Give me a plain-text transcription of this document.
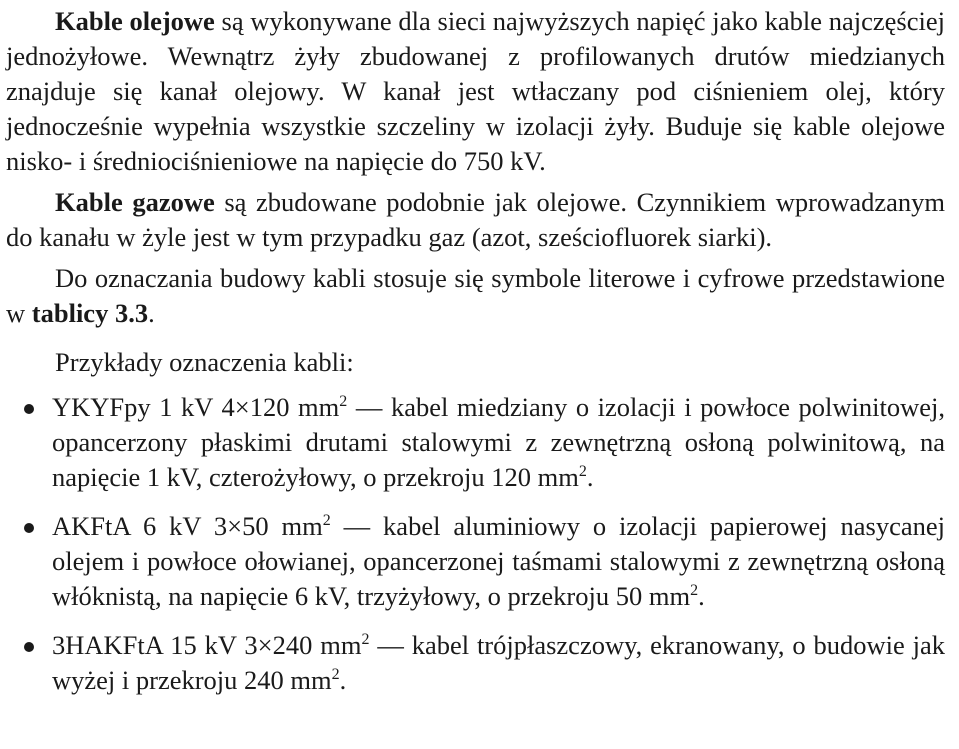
Kable olejowe są wykonywane dla sieci najwyższych napięć jako kable najczęściej jednożyłowe. Wewnątrz żyły zbudowanej z profilowanych drutów miedzianych znajduje się kanał olejowy. W kanał jest wtłaczany pod ciśnieniem olej, który jednocześnie wypełnia wszystkie szczeliny w izolacji żyły. Buduje się kable olejowe nisko- i średniociśnieniowe na napięcie do 750 kV.

Kable gazowe są zbudowane podobnie jak olejowe. Czynnikiem wprowadzanym do kanału w żyle jest w tym przypadku gaz (azot, sześciofluorek siarki).

Do oznaczania budowy kabli stosuje się symbole literowe i cyfrowe przedstawione w tablicy 3.3.

Przykłady oznaczenia kabli:

YKYFpy 1 kV 4×120 $mm^2$ — kabel miedziany o izolacji i powłoce polwinitowej, opancerzony płaskimi drutami stalowymi z zewnętrzną osłoną polwinitową, na napięcie 1 kV, czterożyłowy, o przekroju 120 $mm^2$.
AKFtA 6 kV 3×50 $mm^2$ — kabel aluminiowy o izolacji papierowej nasycanej olejem i powłoce ołowianej, opancerzonej taśmami stalowymi z zewnętrzną osłoną włóknistą, na napięcie 6 kV, trzyżyłowy, o przekroju 50 $mm^2$.
3HAKFtA 15 kV 3×240 $mm^2$ — kabel trójpłaszczowy, ekranowany, o budowie jak wyżej i przekroju 240 $mm^2$.
